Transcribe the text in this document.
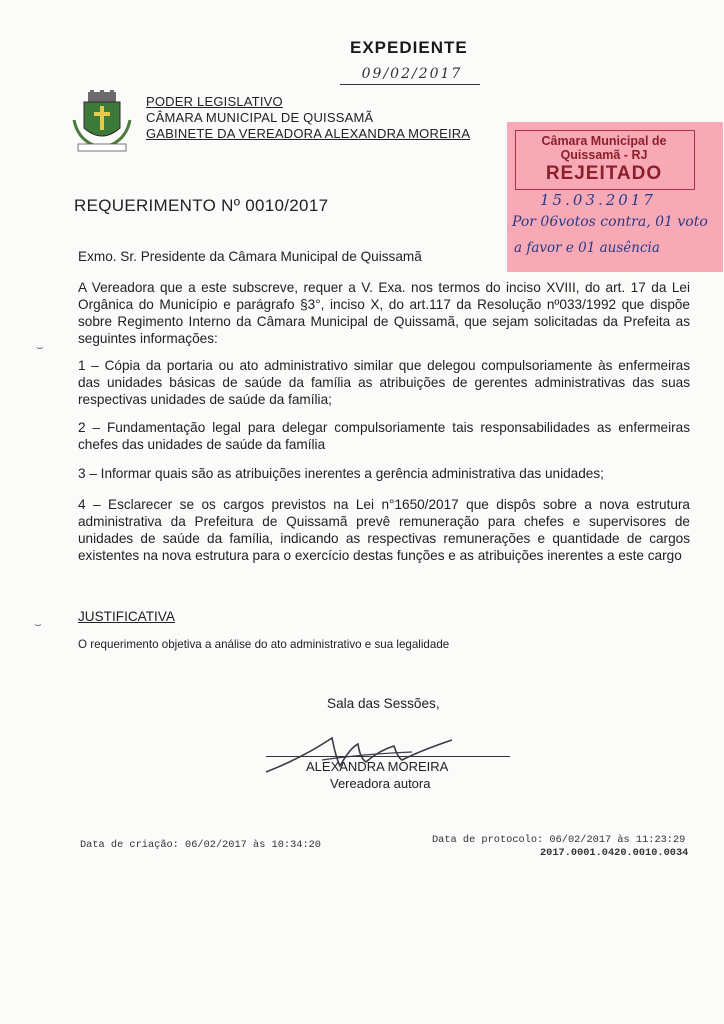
EXPEDIENTE
09/02/2017
PODER LEGISLATIVO
CÂMARA MUNICIPAL DE QUISSAMÃ
GABINETE DA VEREADORA ALEXANDRA MOREIRA	Câmara Municipal de Quissamã - RJ
REJEITADO
15.03.2017
Por 06votos contra, 01 voto
a favor e 01 ausência
REQUERIMENTO Nº 0010/2017
Exmo. Sr. Presidente da Câmara Municipal de Quissamã
A Vereadora que a este subscreve, requer a V. Exa. nos termos do inciso XVIII, do art. 17 da Lei Orgânica do Município e parágrafo §3°, inciso X, do art.117 da Resolução nº033/1992 que dispõe sobre Regimento Interno da Câmara Municipal de Quissamã, que sejam solicitadas da Prefeita as seguintes informações:
1 – Cópia da portaria ou ato administrativo similar que delegou compulsoriamente às enfermeiras das unidades básicas de saúde da família as atribuições de gerentes administrativas das suas respectivas unidades de saúde da família;
2 – Fundamentação legal para delegar compulsoriamente tais responsabilidades as enfermeiras chefes das unidades de saúde da família
3 – Informar quais são as atribuições inerentes a gerência administrativa das unidades;
4 – Esclarecer se os cargos previstos na Lei n°1650/2017 que dispôs sobre a nova estrutura administrativa da Prefeitura de Quissamã prevê remuneração para chefes e supervisores de unidades de saúde da família, indicando as respectivas remunerações e quantidade de cargos existentes na nova estrutura para o exercício destas funções e as atribuições inerentes a este cargo
JUSTIFICATIVA
O requerimento objetiva a análise do ato administrativo e sua legalidade
Sala das Sessões,
ALEXANDRA MOREIRA
Vereadora autora
Data de criação: 06/02/2017 às 10:34:20	Data de protocolo: 06/02/2017 às 11:23:29
2017.0001.0420.0010.0034
⌣
⌣
